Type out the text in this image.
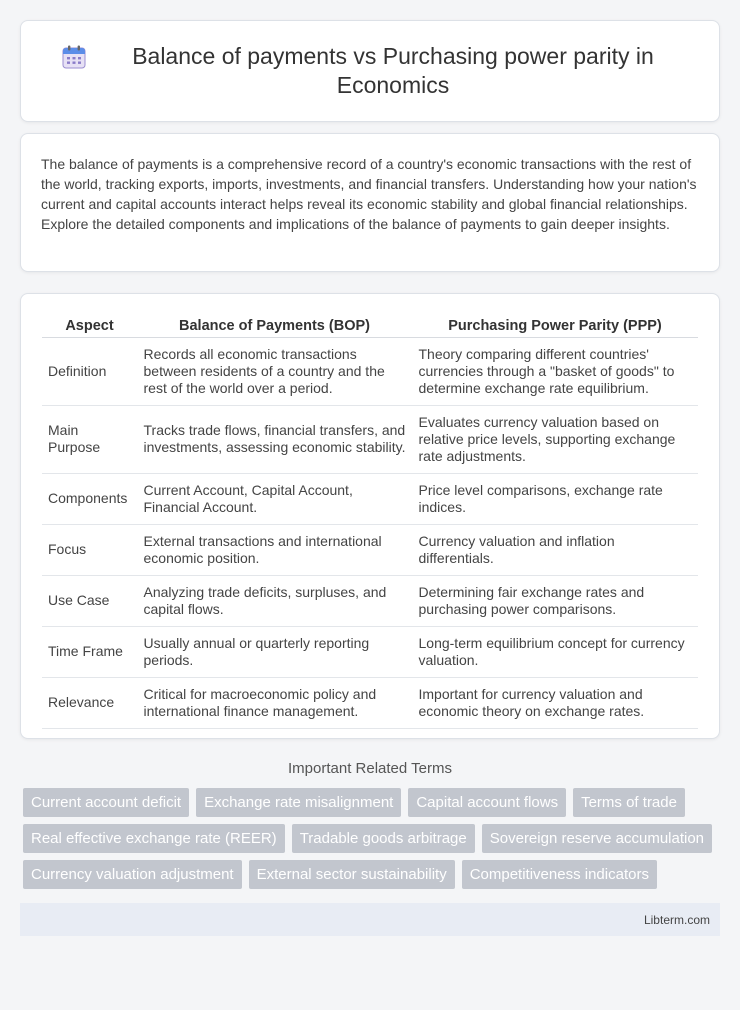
Balance of payments vs Purchasing power parity in Economics

The balance of payments is a comprehensive record of a country's economic transactions with the rest of the world, tracking exports, imports, investments, and financial transfers. Understanding how your nation's current and capital accounts interact helps reveal its economic stability and global financial relationships. Explore the detailed components and implications of the balance of payments to gain deeper insights.

Aspect	Balance of Payments (BOP)	Purchasing Power Parity (PPP)
Definition	Records all economic transactions between residents of a country and the rest of the world over a period.	Theory comparing different countries' currencies through a "basket of goods" to determine exchange rate equilibrium.
Main Purpose	Tracks trade flows, financial transfers, and investments, assessing economic stability.	Evaluates currency valuation based on relative price levels, supporting exchange rate adjustments.
Components	Current Account, Capital Account, Financial Account.	Price level comparisons, exchange rate indices.
Focus	External transactions and international economic position.	Currency valuation and inflation differentials.
Use Case	Analyzing trade deficits, surpluses, and capital flows.	Determining fair exchange rates and purchasing power comparisons.
Time Frame	Usually annual or quarterly reporting periods.	Long-term equilibrium concept for currency valuation.
Relevance	Critical for macroeconomic policy and international finance management.	Important for currency valuation and economic theory on exchange rates.
Important Related Terms
Current account deficit	Exchange rate misalignment	Capital account flows	Terms of trade
Real effective exchange rate (REER)	Tradable goods arbitrage	Sovereign reserve accumulation
Currency valuation adjustment	External sector sustainability	Competitiveness indicators
Libterm.com
